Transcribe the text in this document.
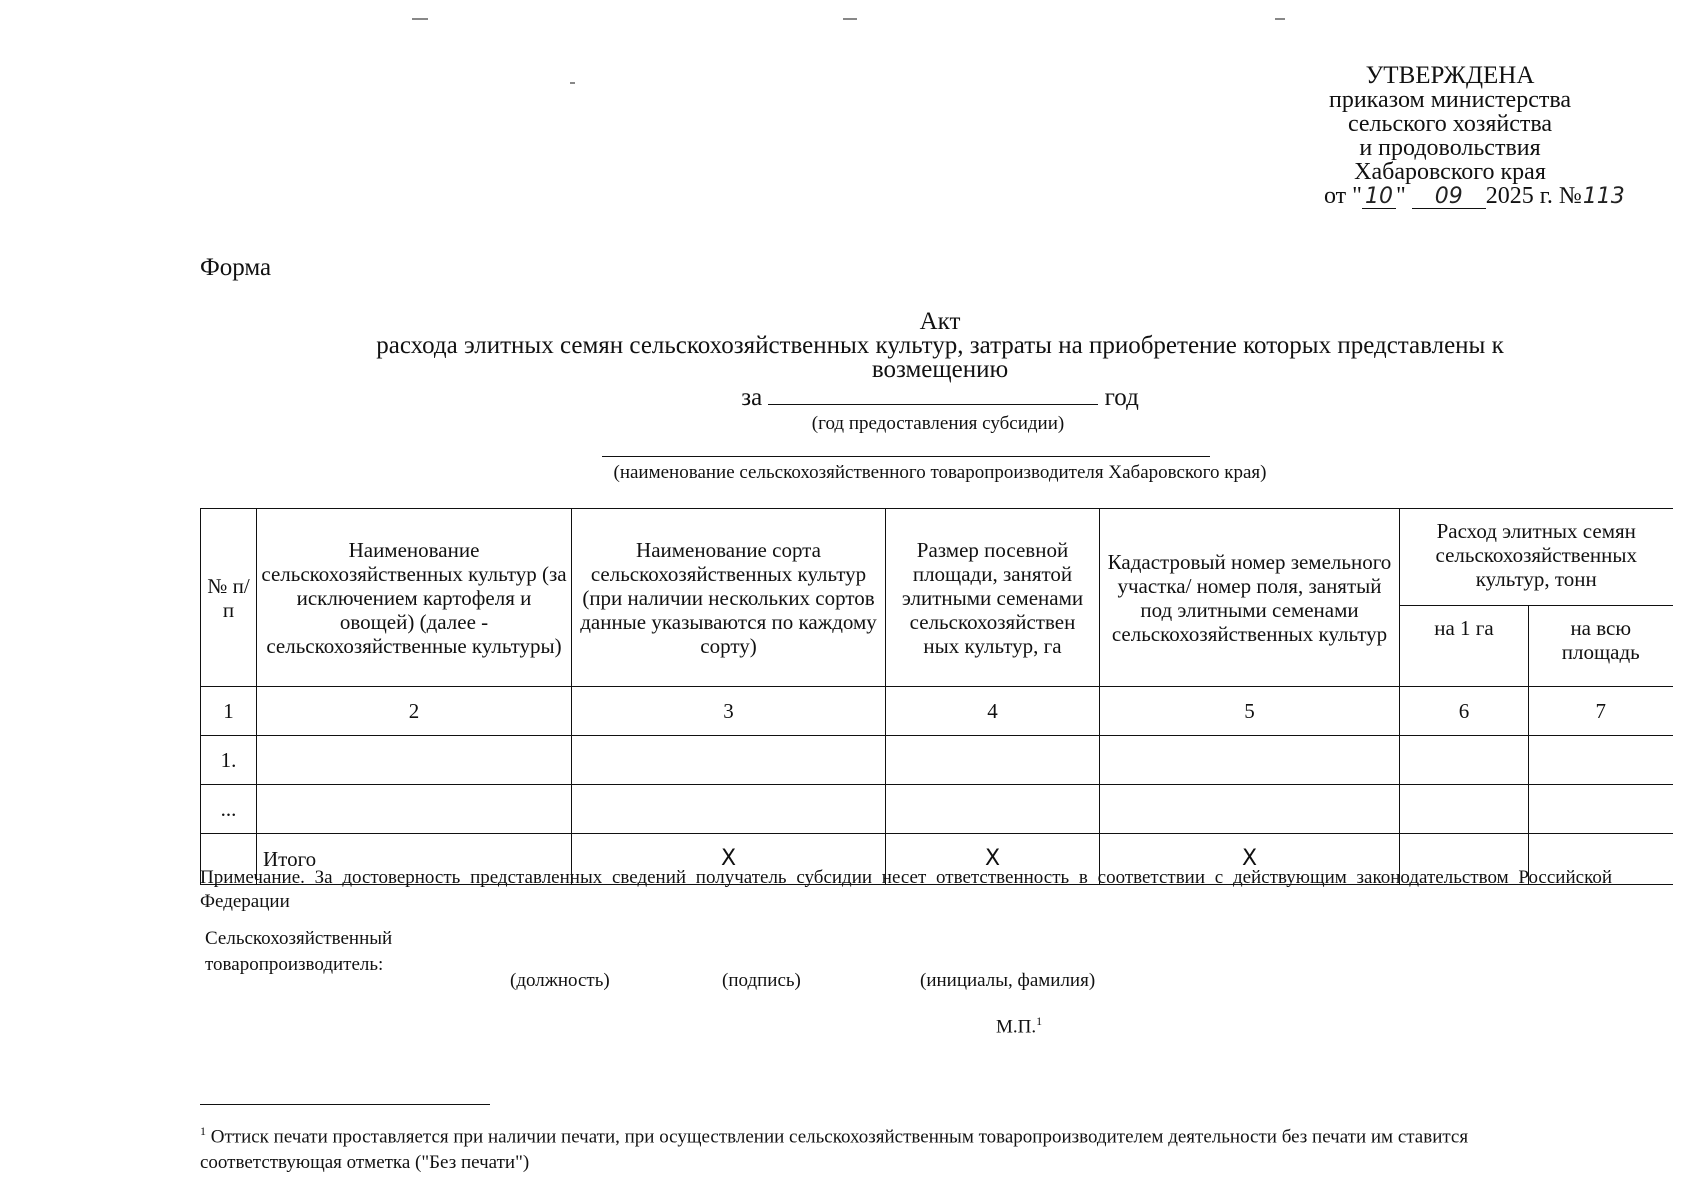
УТВЕРЖДЕНА
приказом министерства
сельского хозяйства
и продовольствия
Хабаровского края
от " 10 " 09 2025 г. №113
Форма
Акт
расхода элитных семян сельскохозяйственных культур, затраты на приобретение которых представлены к возмещению
за	год
(год предоставления субсидии)
(наименование сельскохозяйственного товаропроизводителя Хабаровского края)
№ п/п	Наименование сельскохозяйственных культур (за исключением картофеля и овощей) (далее - сельскохозяйственные культуры)	Наименование сорта сельскохозяйственных культур (при наличии нескольких сортов данные указываются по каждому сорту)	Размер посевной площади, занятой элитными семенами сельскохозяйствен ных культур, га	Кадастровый номер земельного участка/ номер поля, занятый под элитными семенами сельскохозяйственных культур	Расход элитных семян сельскохозяйственных культур, тонн	
					на 1 га	на всю площадь
1	2	3	4	5	6	7
1.						
...						
	Итого	X	X	X		
Примечание. За достоверность представленных сведений получатель субсидии несет ответственность в соответствии с действующим законодательством Российской Федерации
Сельскохозяйственный
товаропроизводитель:
(должность)	(подпись)	(инициалы, фамилия)
М.П.$^1$
$^1$ Оттиск печати проставляется при наличии печати, при осуществлении сельскохозяйственным товаропроизводителем деятельности без печати им ставится соответствующая отметка ("Без печати")
